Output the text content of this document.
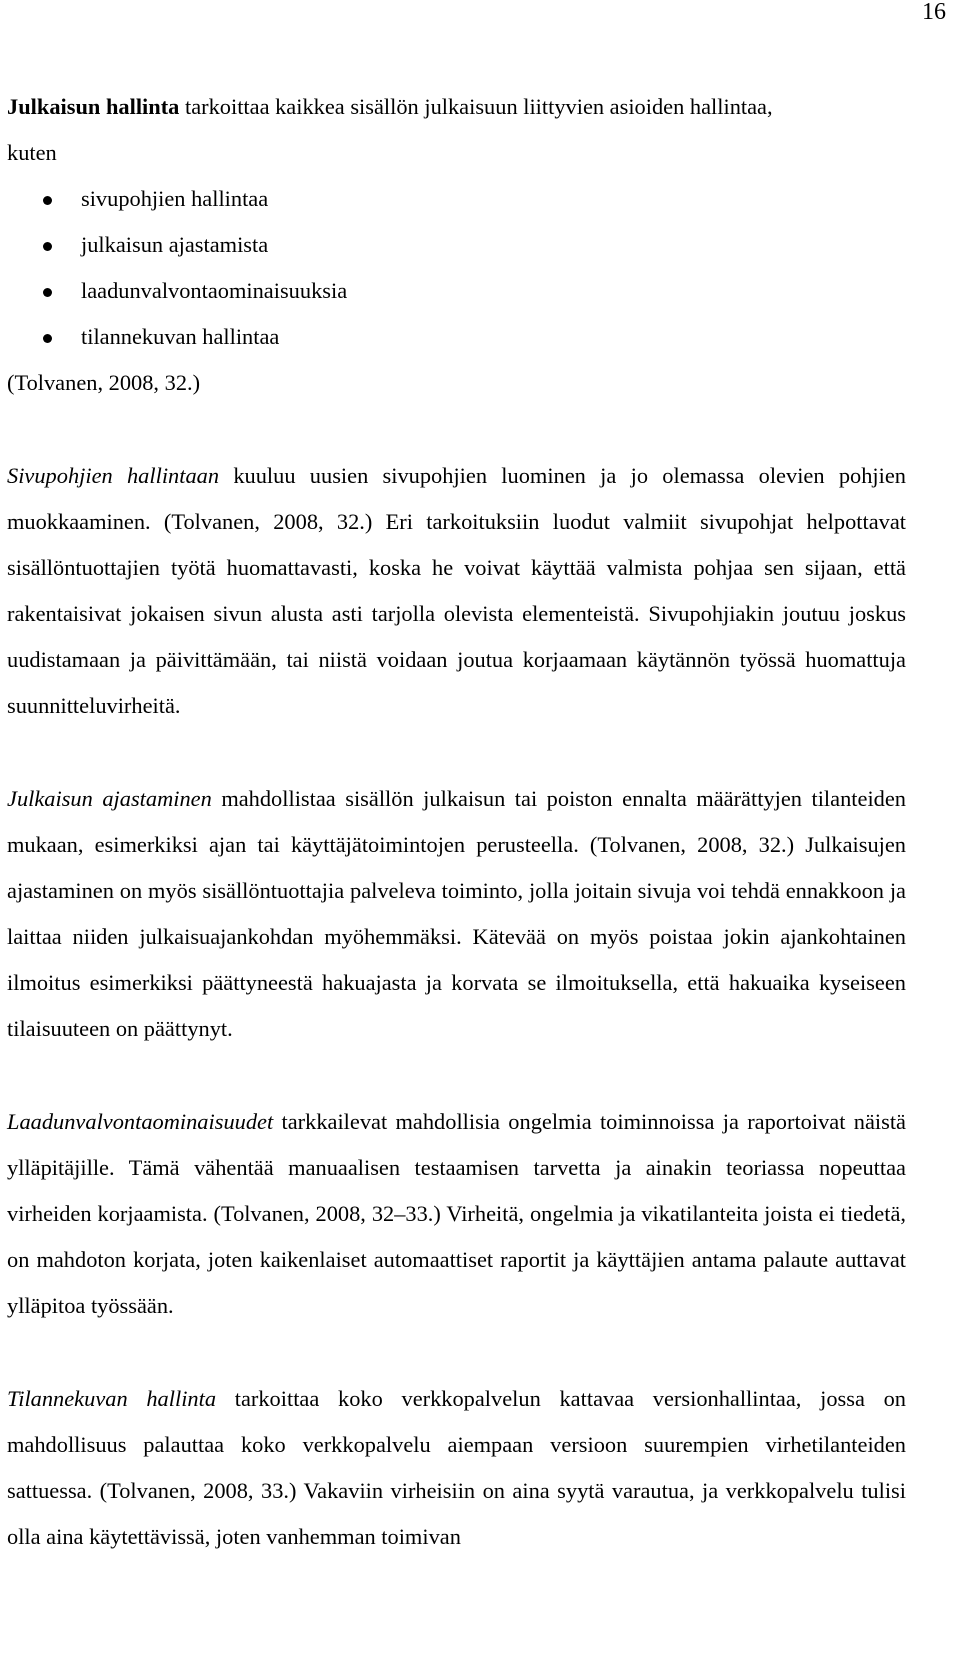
16

Julkaisun hallinta tarkoittaa kaikkea sisällön julkaisuun liittyvien asioiden hallintaa,
kuten

sivupohjien hallintaa
julkaisun ajastamista
laadunvalvontaominaisuuksia
tilannekuvan hallintaa

(Tolvanen, 2008, 32.)

Sivupohjien hallintaan kuuluu uusien sivupohjien luominen ja jo olemassa olevien pohjien muokkaaminen. (Tolvanen, 2008, 32.) Eri tarkoituksiin luodut valmiit sivupohjat helpottavat sisällöntuottajien työtä huomattavasti, koska he voivat käyttää valmista pohjaa sen sijaan, että rakentaisivat jokaisen sivun alusta asti tarjolla olevista elementeistä. Sivupohjiakin joutuu joskus uudistamaan ja päivittämään, tai niistä voidaan joutua korjaamaan käytännön työssä huomattuja suunnitteluvirheitä.

Julkaisun ajastaminen mahdollistaa sisällön julkaisun tai poiston ennalta määrättyjen tilanteiden mukaan, esimerkiksi ajan tai käyttäjätoimintojen perusteella. (Tolvanen, 2008, 32.) Julkaisujen ajastaminen on myös sisällöntuottajia palveleva toiminto, jolla joitain sivuja voi tehdä ennakkoon ja laittaa niiden julkaisuajankohdan myöhemmäksi. Kätevää on myös poistaa jokin ajankohtainen ilmoitus esimerkiksi päättyneestä hakuajasta ja korvata se ilmoituksella, että hakuaika kyseiseen tilaisuuteen on päättynyt.

Laadunvalvontaominaisuudet tarkkailevat mahdollisia ongelmia toiminnoissa ja raportoivat näistä ylläpitäjille. Tämä vähentää manuaalisen testaamisen tarvetta ja ainakin teoriassa nopeuttaa virheiden korjaamista. (Tolvanen, 2008, 32–33.) Virheitä, ongelmia ja vikatilanteita joista ei tiedetä, on mahdoton korjata, joten kaikenlaiset automaattiset raportit ja käyttäjien antama palaute auttavat ylläpitoa työssään.

Tilannekuvan hallinta tarkoittaa koko verkkopalvelun kattavaa versionhallintaa, jossa on mahdollisuus palauttaa koko verkkopalvelu aiempaan versioon suurempien virhetilanteiden sattuessa. (Tolvanen, 2008, 33.) Vakaviin virheisiin on aina syytä varautua, ja verkkopalvelu tulisi olla aina käytettävissä, joten vanhemman toimivan
